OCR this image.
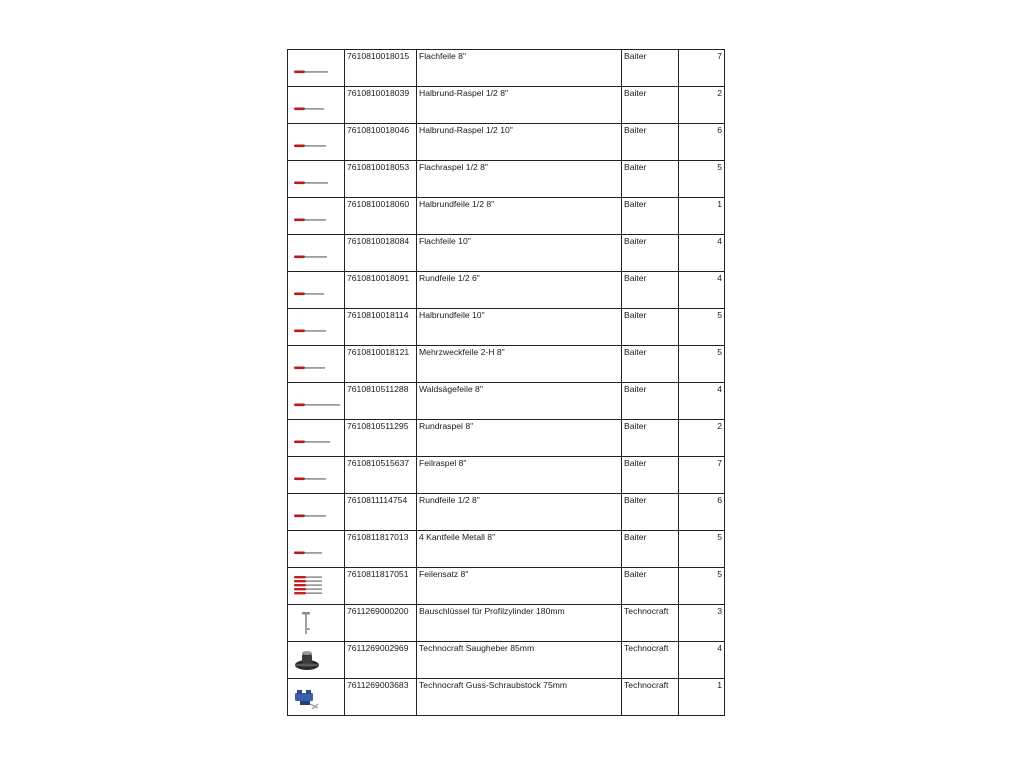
	7610810018015	Flachfeile 8"	Baiter	7

	7610810018039	Halbrund-Raspel 1/2 8"	Baiter	2

	7610810018046	Halbrund-Raspel 1/2 10"	Baiter	6

	7610810018053	Flachraspel 1/2 8"	Baiter	5

	7610810018060	Halbrundfeile 1/2 8"	Baiter	1

	7610810018084	Flachfeile 10"	Baiter	4

	7610810018091	Rundfeile 1/2 6"	Baiter	4

	7610810018114	Halbrundfeile 10"	Baiter	5

	7610810018121	Mehrzweckfeile 2-H 8"	Baiter	5

	7610810511288	Waldsägefeile 8"	Baiter	4

	7610810511295	Rundraspel 8"	Baiter	2

	7610810515637	Feilraspel 8"	Baiter	7

	7610811114754	Rundfeile 1/2 8"	Baiter	6

	7610811817013	4 Kantfeile Metall 8"	Baiter	5

	7610811817051	Feilensatz 8"	Baiter	5

	7611269000200	Bauschlüssel für Profilzylinder 180mm	Technocraft	3

	7611269002969	Technocraft Saugheber 85mm	Technocraft	4

	7611269003683	Technocraft Guss-Schraubstock 75mm	Technocraft	1
